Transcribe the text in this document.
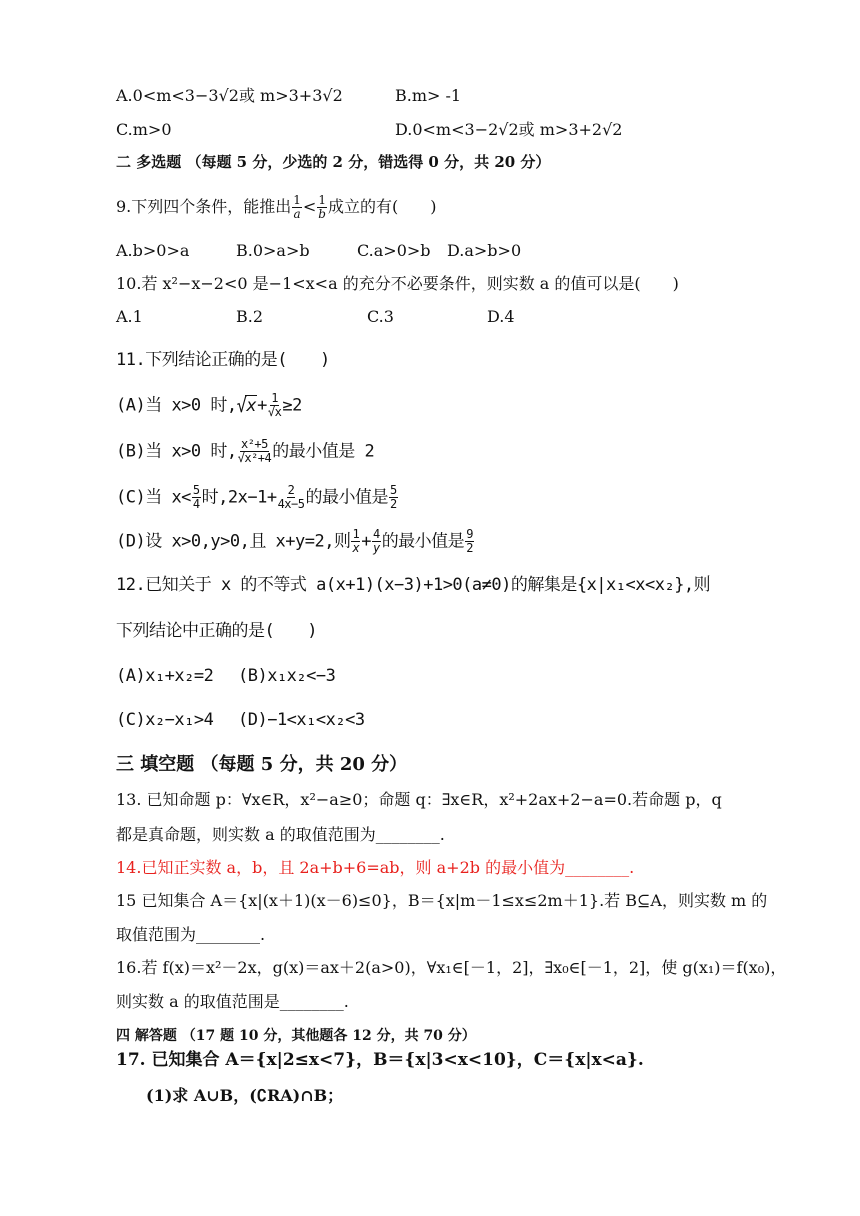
A.0<m<3−3√2或 m>3+3√2	B.m> -1
C.m>0	D.0<m<3−2√2或 m>3+2√2
二 多选题 （每题 5 分，少选的 2 分，错选得 0 分，共 20 分）
9.下列四个条件，能推出 $\frac{1}{a} < \frac{1}{b}$ 成立的有(　　)
A.b>0>a	B.0>a>b	C.a>0>b D.a>b>0
10.若 x²−x−2<0 是−1<x<a 的充分不必要条件，则实数 a 的值可以是(　　)
A.1	B.2	C.3	D.4
11.下列结论正确的是(　　)
(A)当 x>0 时$,√x+ \frac{1}{√x} \ge 2$
(B)当 x>0 时, $\frac{\text{x²+5}}{\text{√x²+4}}$ 的最小值是 2
(C)当 $x< \frac{5}{4}$ 时$,2x-1+ \frac{2}{4x-5}$ 的最小值是 $\frac{5}{2}$
(D)设 x>0,y>0,且 x+y=2,则 $\frac{1}{x} + \frac{4}{y}$ 的最小值是 $\frac{9}{2}$
12.已知关于 x 的不等式 a(x+1)(x−3)+1>0(a≠0)的解集是{x|x₁<x<x₂},则
下列结论中正确的是(　　)
(A)x₁+x₂=2 (B)x₁x₂<−3
(C)x₂−x₁>4 (D)−1<x₁<x₂<3
三 填空题 （每题 5 分，共 20 分）
13. 已知命题 p：∀x∈R，x²−a≥0；命题 q：∃x∈R，x²+2ax+2−a=0.若命题 p，q
都是真命题，则实数 a 的取值范围为________.
14.已知正实数 a，b，且 2a+b+6=ab，则 a+2b 的最小值为________.
15 已知集合 A＝{x|(x＋1)(x－6)≤0}，B＝{x|m－1≤x≤2m＋1}.若 B⊆A，则实数 m 的
取值范围为________.
16.若 f(x)＝x²－2x，g(x)＝ax＋2(a>0)，∀x₁∈[－1，2]，∃x₀∈[－1，2]，使 g(x₁)＝f(x₀)，
则实数 a 的取值范围是________.
四 解答题 （17 题 10 分，其他题各 12 分，共 70 分）
17. 已知集合 A＝{x|2≤x<7}，B＝{x|3<x<10}，C＝{x|x<a}.
(1)求 A∪B，(∁RA)∩B；
